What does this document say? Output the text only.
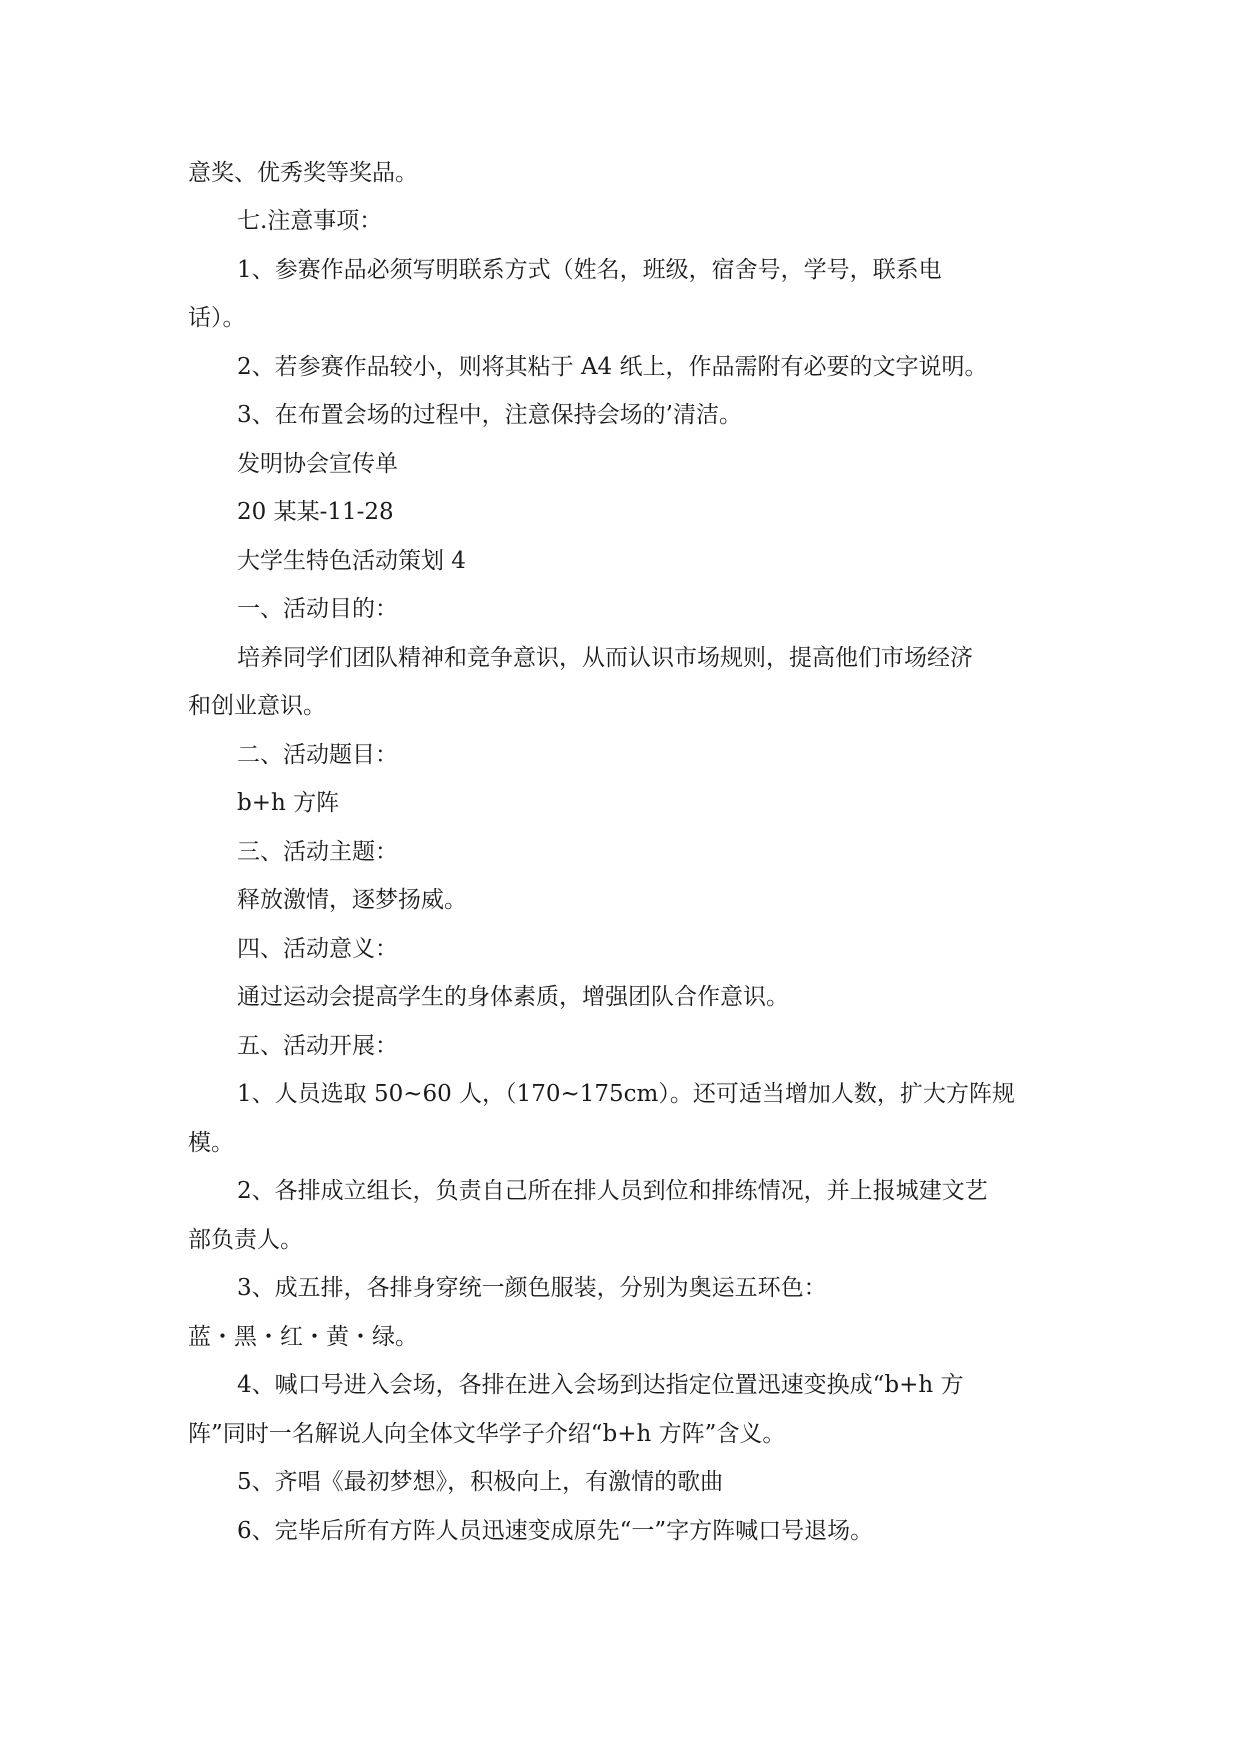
意奖、优秀奖等奖品。
七.注意事项：
1、参赛作品必须写明联系方式（姓名，班级，宿舍号，学号，联系电
话）。
2、若参赛作品较小，则将其粘于 A4 纸上，作品需附有必要的文字说明。
3、在布置会场的过程中，注意保持会场的’清洁。
发明协会宣传单
20 某某-11-28
大学生特色活动策划 4
一、活动目的：
培养同学们团队精神和竞争意识，从而认识市场规则，提高他们市场经济
和创业意识。
二、活动题目：
b+h 方阵
三、活动主题：
释放激情，逐梦扬威。
四、活动意义：
通过运动会提高学生的身体素质，增强团队合作意识。
五、活动开展：
1、人员选取 50~60 人，（170~175cm）。还可适当增加人数，扩大方阵规
模。
2、各排成立组长，负责自己所在排人员到位和排练情况，并上报城建文艺
部负责人。
3、成五排，各排身穿统一颜色服装，分别为奥运五环色：
蓝・黑・红・黄・绿。
4、喊口号进入会场，各排在进入会场到达指定位置迅速变换成“b+h 方
阵”同时一名解说人向全体文华学子介绍“b+h 方阵”含义。
5、齐唱《最初梦想》，积极向上，有激情的歌曲
6、完毕后所有方阵人员迅速变成原先“一”字方阵喊口号退场。
